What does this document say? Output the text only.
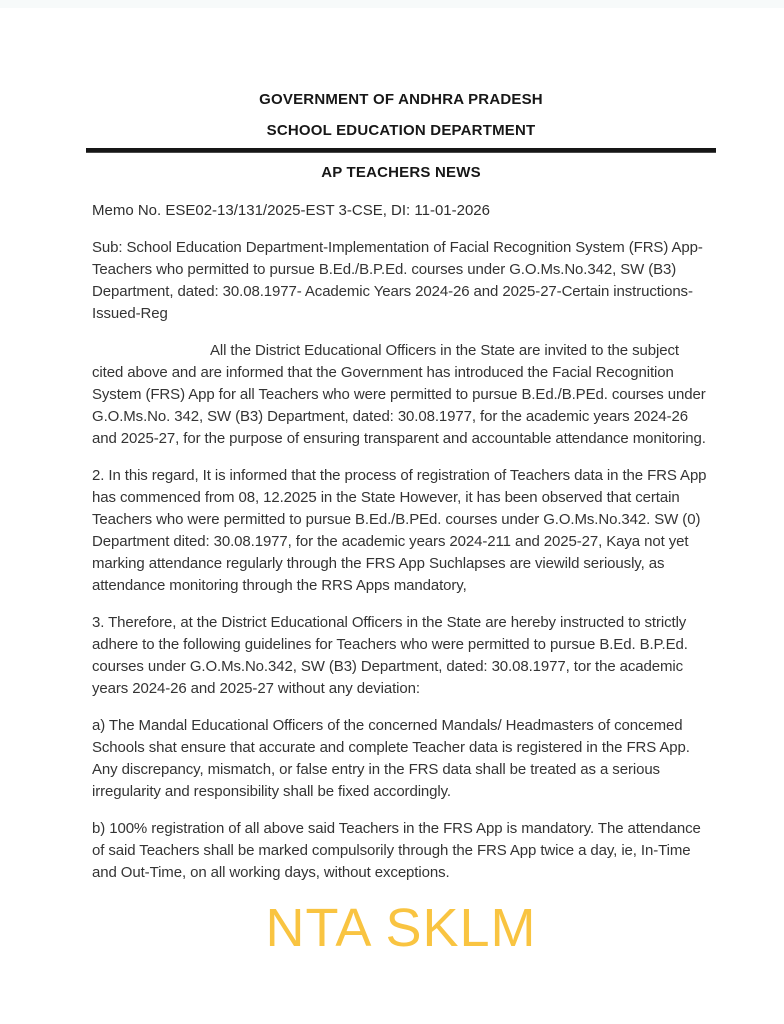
GOVERNMENT OF ANDHRA PRADESH
SCHOOL EDUCATION DEPARTMENT
AP TEACHERS NEWS

Memo No. ESE02-13/131/2025-EST 3-CSE, DI: 11-01-2026

Sub: School Education Department-Implementation of Facial Recognition System (FRS) App-Teachers who permitted to pursue B.Ed./B.P.Ed. courses under G.O.Ms.No.342, SW (B3) Department, dated: 30.08.1977- Academic Years 2024-26 and 2025-27-Certain instructions-Issued-Reg

All the District Educational Officers in the State are invited to the subject cited above and are informed that the Government has introduced the Facial Recognition System (FRS) App for all Teachers who were permitted to pursue B.Ed./B.PEd. courses under G.O.Ms.No. 342, SW (B3) Department, dated: 30.08.1977, for the academic years 2024-26 and 2025-27, for the purpose of ensuring transparent and accountable attendance monitoring.

2. In this regard, It is informed that the process of registration of Teachers data in the FRS App has commenced from 08, 12.2025 in the State However, it has been observed that certain Teachers who were permitted to pursue B.Ed./B.PEd. courses under G.O.Ms.No.342. SW (0) Department dited: 30.08.1977, for the academic years 2024-211 and 2025-27, Kaya not yet marking attendance regularly through the FRS App Suchlapses are viewild seriously, as attendance monitoring through the RRS Apps mandatory,

3. Therefore, at the District Educational Officers in the State are hereby instructed to strictly adhere to the following guidelines for Teachers who were permitted to pursue B.Ed. B.P.Ed. courses under G.O.Ms.No.342, SW (B3) Department, dated: 30.08.1977, tor the academic years 2024-26 and 2025-27 without any deviation:

a) The Mandal Educational Officers of the concerned Mandals/ Headmasters of concemed Schools shat ensure that accurate and complete Teacher data is registered in the FRS App. Any discrepancy, mismatch, or false entry in the FRS data shall be treated as a serious irregularity and responsibility shall be fixed accordingly.

b) 100% registration of all above said Teachers in the FRS App is mandatory. The attendance of said Teachers shall be marked compulsorily through the FRS App twice a day, ie, In-Time and Out-Time, on all working days, without exceptions.

NTA SKLM
